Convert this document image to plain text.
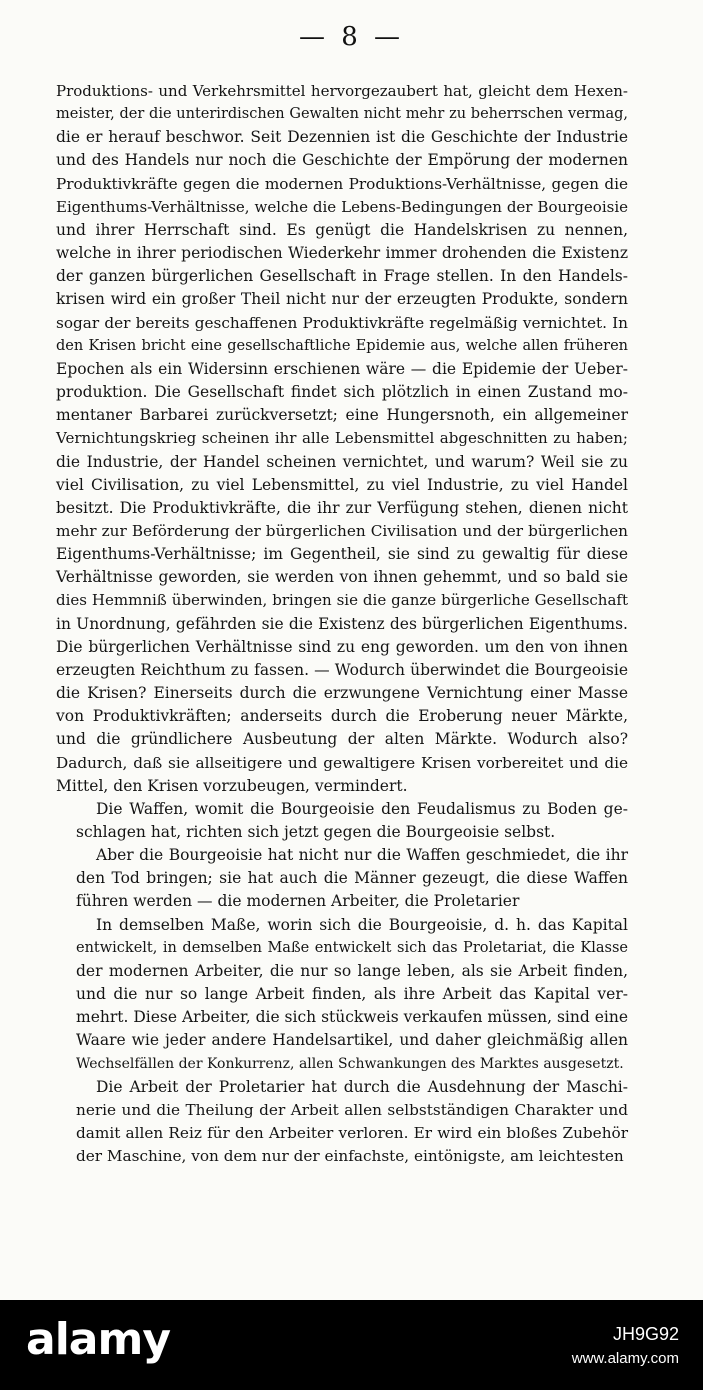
— 8 —

Produktions- und Verkehrsmittel hervorgezaubert hat, gleicht dem Hexen-
meister, der die unterirdischen Gewalten nicht mehr zu beherrschen vermag,
die er herauf beschwor. Seit Dezennien ist die Geschichte der Industrie
und des Handels nur noch die Geschichte der Empörung der modernen
Produktivkräfte gegen die modernen Produktions-Verhältnisse, gegen die
Eigenthums-Verhältnisse, welche die Lebens-Bedingungen der Bourgeoisie
und ihrer Herrschaft sind. Es genügt die Handelskrisen zu nennen,
welche in ihrer periodischen Wiederkehr immer drohenden die Existenz
der ganzen bürgerlichen Gesellschaft in Frage stellen. In den Handels-
krisen wird ein großer Theil nicht nur der erzeugten Produkte, sondern
sogar der bereits geschaffenen Produktivkräfte regelmäßig vernichtet. In
den Krisen bricht eine gesellschaftliche Epidemie aus, welche allen früheren
Epochen als ein Widersinn erschienen wäre — die Epidemie der Ueber-
produktion. Die Gesellschaft findet sich plötzlich in einen Zustand mo-
mentaner Barbarei zurückversetzt; eine Hungersnoth, ein allgemeiner
Vernichtungskrieg scheinen ihr alle Lebensmittel abgeschnitten zu haben;
die Industrie, der Handel scheinen vernichtet, und warum? Weil sie zu
viel Civilisation, zu viel Lebensmittel, zu viel Industrie, zu viel Handel
besitzt. Die Produktivkräfte, die ihr zur Verfügung stehen, dienen nicht
mehr zur Beförderung der bürgerlichen Civilisation und der bürgerlichen
Eigenthums-Verhältnisse; im Gegentheil, sie sind zu gewaltig für diese
Verhältnisse geworden, sie werden von ihnen gehemmt, und so bald sie
dies Hemmniß überwinden, bringen sie die ganze bürgerliche Gesellschaft
in Unordnung, gefährden sie die Existenz des bürgerlichen Eigenthums.
Die bürgerlichen Verhältnisse sind zu eng geworden. um den von ihnen
erzeugten Reichthum zu fassen. — Wodurch überwindet die Bourgeoisie
die Krisen? Einerseits durch die erzwungene Vernichtung einer Masse
von Produktivkräften; anderseits durch die Eroberung neuer Märkte,
und die gründlichere Ausbeutung der alten Märkte. Wodurch also?
Dadurch, daß sie allseitigere und gewaltigere Krisen vorbereitet und die
Mittel, den Krisen vorzubeugen, vermindert.

Die Waffen, womit die Bourgeoisie den Feudalismus zu Boden ge-
schlagen hat, richten sich jetzt gegen die Bourgeoisie selbst.

Aber die Bourgeoisie hat nicht nur die Waffen geschmiedet, die ihr
den Tod bringen; sie hat auch die Männer gezeugt, die diese Waffen
führen werden — die modernen Arbeiter, die Proletarier

In demselben Maße, worin sich die Bourgeoisie, d. h. das Kapital
entwickelt, in demselben Maße entwickelt sich das Proletariat, die Klasse
der modernen Arbeiter, die nur so lange leben, als sie Arbeit finden,
und die nur so lange Arbeit finden, als ihre Arbeit das Kapital ver-
mehrt. Diese Arbeiter, die sich stückweis verkaufen müssen, sind eine
Waare wie jeder andere Handelsartikel, und daher gleichmäßig allen
Wechselfällen der Konkurrenz, allen Schwankungen des Marktes ausgesetzt.

Die Arbeit der Proletarier hat durch die Ausdehnung der Maschi-
nerie und die Theilung der Arbeit allen selbstständigen Charakter und
damit allen Reiz für den Arbeiter verloren. Er wird ein bloßes Zubehör
der Maschine, von dem nur der einfachste, eintönigste, am leichtesten

alamy	JH9G92
www.alamy.com
